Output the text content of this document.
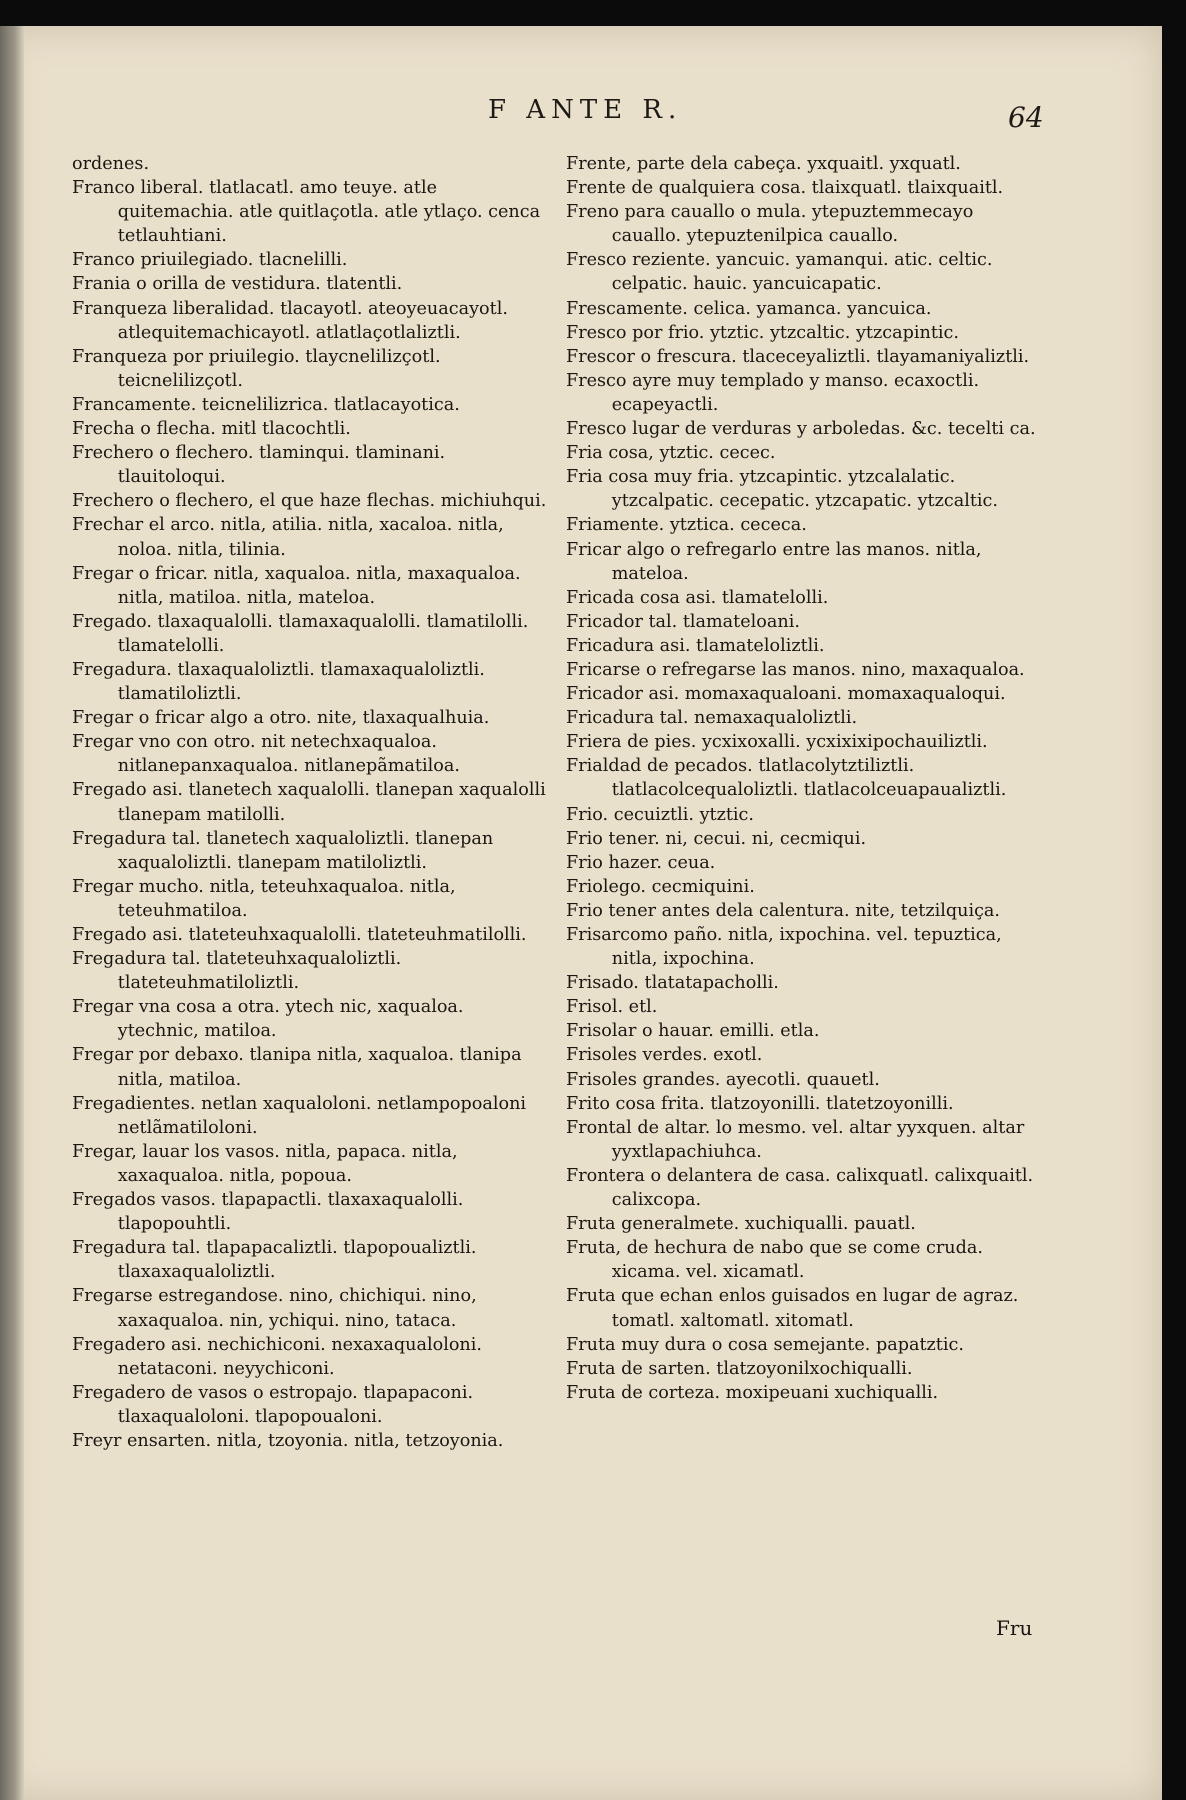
F ANTE R.	64

ordenes.

Franco liberal. tlatlacatl. amo teuye. atle quitemachia. atle quitlaçotla. atle ytlaço. cenca tetlauhtiani.

Franco priuilegiado. tlacnelilli.

Frania o orilla de vestidura. tlatentli.

Franqueza liberalidad. tlacayotl. ateoyeuacayotl. atlequitemachicayotl. atlatlaçotlaliztli.

Franqueza por priuilegio. tlaycnelilizçotl. teicnelilizçotl.

Francamente. teicnelilizrica. tlatlacayotica.

Frecha o flecha. mitl tlacochtli.

Frechero o flechero. tlaminqui. tlaminani. tlauitoloqui.

Frechero o flechero, el que haze flechas. michiuhqui.

Frechar el arco. nitla, atilia. nitla, xacaloa. nitla, noloa. nitla, tilinia.

Fregar o fricar. nitla, xaqualoa. nitla, maxaqualoa. nitla, matiloa. nitla, mateloa.

Fregado. tlaxaqualolli. tlamaxaqualolli. tlamatilolli. tlamatelolli.

Fregadura. tlaxaqualoliztli. tlamaxaqualoliztli. tlamatiloliztli.

Fregar o fricar algo a otro. nite, tlaxaqualhuia.

Fregar vno con otro. nit netechxaqualoa. nitlanepanxaqualoa. nitlanepãmatiloa.

Fregado asi. tlanetech xaqualolli. tlanepan xaqualolli tlanepam matilolli.

Fregadura tal. tlanetech xaqualoliztli. tlanepan xaqualoliztli. tlanepam matiloliztli.

Fregar mucho. nitla, teteuhxaqualoa. nitla, teteuhmatiloa.

Fregado asi. tlateteuhxaqualolli. tlateteuhmatilolli.

Fregadura tal. tlateteuhxaqualoliztli. tlateteuhmatiloliztli.

Fregar vna cosa a otra. ytech nic, xaqualoa. ytechnic, matiloa.

Fregar por debaxo. tlanipa nitla, xaqualoa. tlanipa nitla, matiloa.

Fregadientes. netlan xaqualoloni. netlampopoaloni netlãmatiloloni.

Fregar, lauar los vasos. nitla, papaca. nitla, xaxaqualoa. nitla, popoua.

Fregados vasos. tlapapactli. tlaxaxaqualolli. tlapopouhtli.

Fregadura tal. tlapapacaliztli. tlapopoualiztli. tlaxaxaqualoliztli.

Fregarse estregandose. nino, chichiqui. nino, xaxaqualoa. nin, ychiqui. nino, tataca.

Fregadero asi. nechichiconi. nexaxaqualoloni. netataconi. neyychiconi.

Fregadero de vasos o estropajo. tlapapaconi. tlaxaqualoloni. tlapopoualoni.

Freyr ensarten. nitla, tzoyonia. nitla, tetzoyonia.

Frente, parte dela cabeça. yxquaitl. yxquatl.

Frente de qualquiera cosa. tlaixquatl. tlaixquaitl.

Freno para cauallo o mula. ytepuztemmecayo cauallo. ytepuztenilpica cauallo.

Fresco reziente. yancuic. yamanqui. atic. celtic. celpatic. hauic. yancuicapatic.

Frescamente. celica. yamanca. yancuica.

Fresco por frio. ytztic. ytzcaltic. ytzcapintic.

Frescor o frescura. tlaceceyaliztli. tlayamaniyaliztli.

Fresco ayre muy templado y manso. ecaxoctli. ecapeyactli.

Fresco lugar de verduras y arboledas. &c. tecelti ca.

Fria cosa, ytztic. cecec.

Fria cosa muy fria. ytzcapintic. ytzcalalatic. ytzcalpatic. cecepatic. ytzcapatic. ytzcaltic.

Friamente. ytztica. cececa.

Fricar algo o refregarlo entre las manos. nitla, mateloa.

Fricada cosa asi. tlamatelolli.

Fricador tal. tlamateloani.

Fricadura asi. tlamateloliztli.

Fricarse o refregarse las manos. nino, maxaqualoa.

Fricador asi. momaxaqualoani. momaxaqualoqui.

Fricadura tal. nemaxaqualoliztli.

Friera de pies. ycxixoxalli. ycxixixipochauiliztli.

Frialdad de pecados. tlatlacolytztiliztli. tlatlacolcequaloliztli. tlatlacolceuapaualiztli.

Frio. cecuiztli. ytztic.

Frio tener. ni, cecui. ni, cecmiqui.

Frio hazer. ceua.

Friolego. cecmiquini.

Frio tener antes dela calentura. nite, tetzilquiça.

Frisarcomo paño. nitla, ixpochina. vel. tepuztica, nitla, ixpochina.

Frisado. tlatatapacholli.

Frisol. etl.

Frisolar o hauar. emilli. etla.

Frisoles verdes. exotl.

Frisoles grandes. ayecotli. quauetl.

Frito cosa frita. tlatzoyonilli. tlatetzoyonilli.

Frontal de altar. lo mesmo. vel. altar yyxquen. altar yyxtlapachiuhca.

Frontera o delantera de casa. calixquatl. calixquaitl. calixcopa.

Fruta generalmete. xuchiqualli. pauatl.

Fruta, de hechura de nabo que se come cruda. xicama. vel. xicamatl.

Fruta que echan enlos guisados en lugar de agraz. tomatl. xaltomatl. xitomatl.

Fruta muy dura o cosa semejante. papatztic.

Fruta de sarten. tlatzoyonilxochiqualli.

Fruta de corteza. moxipeuani xuchiqualli.

Fru
